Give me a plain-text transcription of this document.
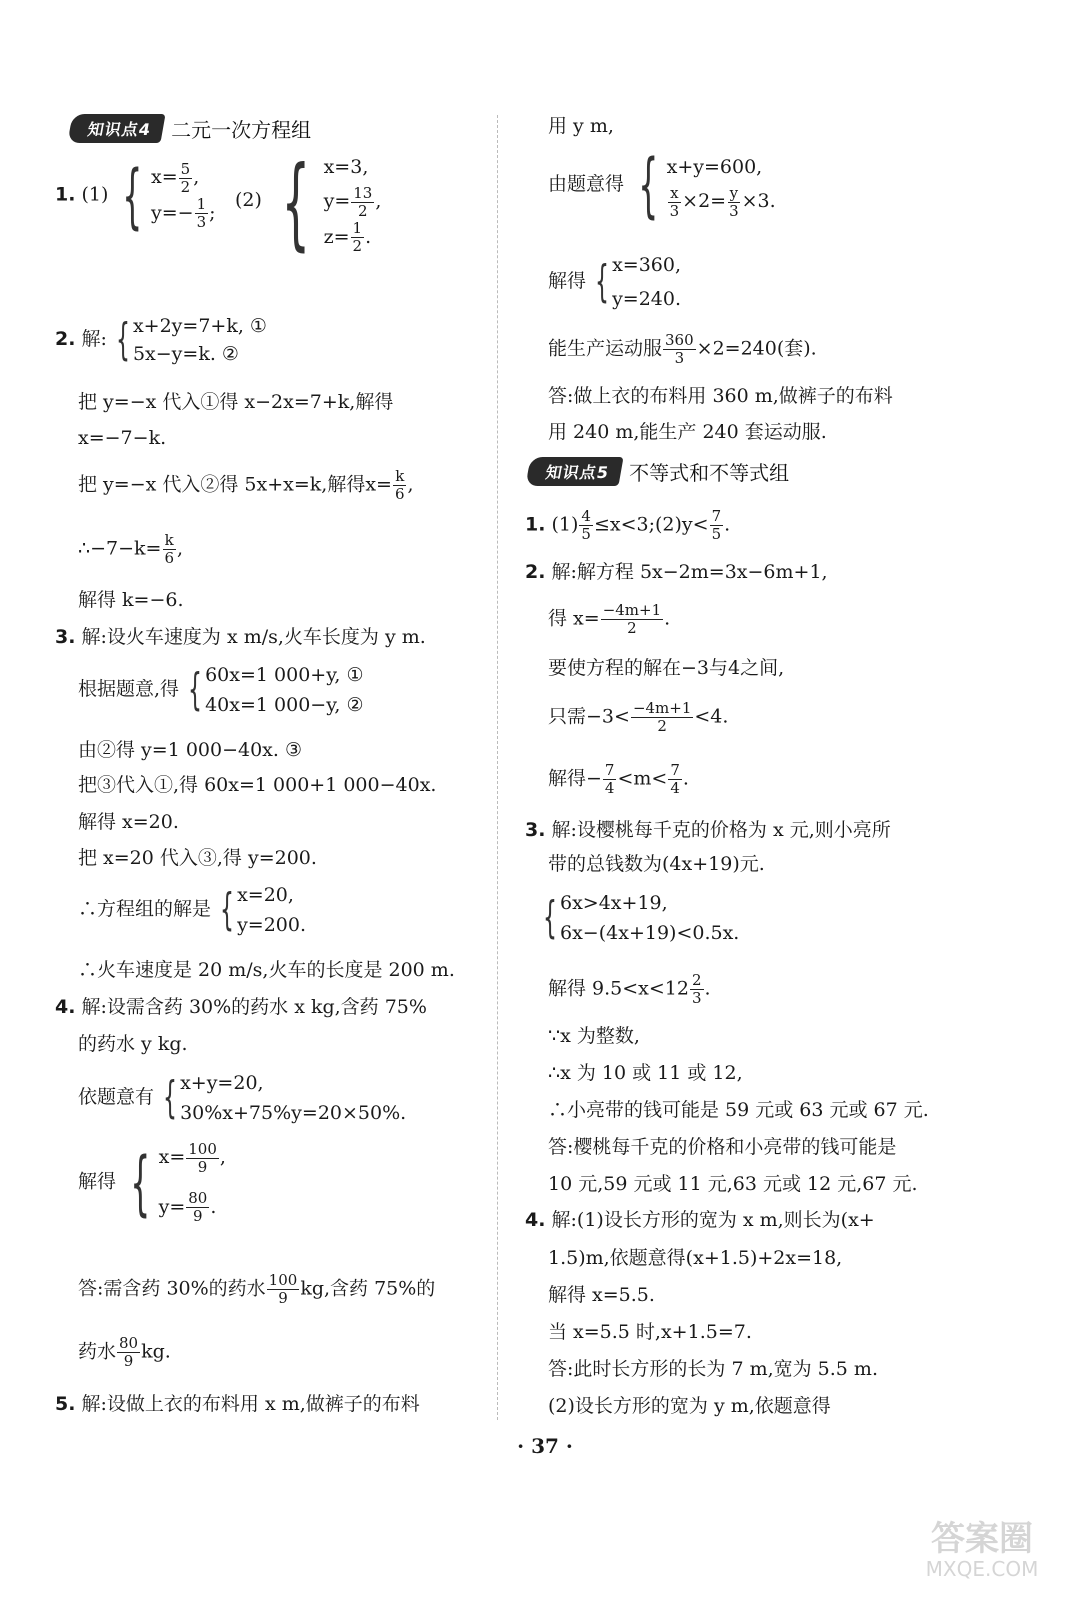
知识点4 二元一次方程组
1. (1) { $x= \frac{5}{2}$ ,
$y=- \frac{1}{3}$ ;
(2) { x=3,
$y= \frac{13}{2}$ ,
$z= \frac{1}{2}$ .
2. 解: { x+2y=7+k, ①
5x−y=k. ②
把 y=−x 代入①得 x−2x=7+k,解得
x=−7−k.
把 y=−x 代入②得 5x+x=k,解得$x= \frac{k}{6}$ ,
∴−7−k= $\frac{k}{6}$ ,
解得 k=−6.
3. 解:设火车速度为 x m/s,火车长度为 y m.
根据题意,得 { 60x=1 000+y, ①
40x=1 000−y, ②
由②得 y=1 000−40x. ③
把③代入①,得 60x=1 000+1 000−40x.
解得 x=20.
把 x=20 代入③,得 y=200.
∴方程组的解是 { x=20,
y=200.
∴火车速度是 20 m/s,火车的长度是 200 m.
4. 解:设需含药 30%的药水 x kg,含药 75%
的药水 y kg.
依题意有 { x+y=20,
30%x+75%y=20×50%.
解得 { $x= \frac{100}{9}$ ,
$y= \frac{80}{9}$ .
答:需含药 30%的药水 $\frac{100}{9}$ kg,含药 75%的
药水 $\frac{80}{9}$ kg.
5. 解:设做上衣的布料用 x m,做裤子的布料
用 y m,
由题意得 { x+y=600,
$\frac{x}{3} \times 2= \frac{y}{3} \times 3$.
解得 { x=360,
y=240.
能生产运动服 $\frac{360}{3} \times 2=240$(套).
答:做上衣的布料用 360 m,做裤子的布料
用 240 m,能生产 240 套运动服.
知识点5 不等式和不等式组
1. $(1) \frac{4}{5}$ ≤x<3;(2)y< $\frac{7}{5}$ .
2. 解:解方程 5x−2m=3x−6m+1,
得 $x= \frac{-4m+1}{2}$ .
要使方程的解在−3与4之间,
只需$-3< \frac{-4m+1}{2} <4$.
解得− $\frac{7}{4} <m< \frac{7}{4}$ .
3. 解:设樱桃每千克的价格为 x 元,则小亮所
带的总钱数为(4x+19)元.
{ 6x>4x+19,
6x−(4x+19)<0.5x.
解得 $9.5<x<12 \frac{2}{3}$ .
∵x 为整数,
∴x 为 10 或 11 或 12,
∴小亮带的钱可能是 59 元或 63 元或 67 元.
答:樱桃每千克的价格和小亮带的钱可能是
10 元,59 元或 11 元,63 元或 12 元,67 元.
4. 解:(1)设长方形的宽为 x m,则长为(x+
1.5)m,依题意得(x+1.5)+2x=18,
解得 x=5.5.
当 x=5.5 时,x+1.5=7.
答:此时长方形的长为 7 m,宽为 5.5 m.
(2)设长方形的宽为 y m,依题意得
· 37 ·
答案圈
MXQE.COM
